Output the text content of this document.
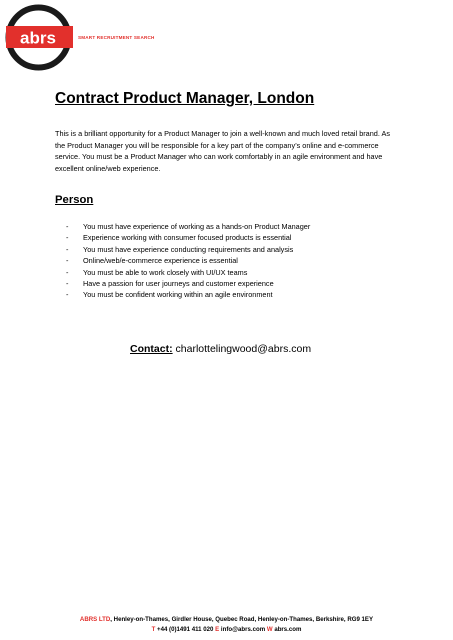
abrs	SMART RECRUITMENT SEARCH
Contract Product Manager, London

This is a brilliant opportunity for a Product Manager to join a well-known and much loved retail brand. As the Product Manager you will be responsible for a key part of the company’s online and e-commerce service. You must be a Product Manager who can work comfortably in an agile environment and have excellent online/web experience.

Person
- You must have experience of working as a hands-on Product Manager
- Experience working with consumer focused products is essential
- You must have experience conducting requirements and analysis
- Online/web/e-commerce experience is essential
- You must be able to work closely with UI/UX teams
- Have a passion for user journeys and customer experience
- You must be confident working within an agile environment
Contact: charlottelingwood@abrs.com
ABRS LTD, Henley-on-Thames, Girdler House, Quebec Road, Henley-on-Thames, Berkshire, RG9 1EY
T +44 (0)1491 411 020 E info@abrs.com W abrs.com
